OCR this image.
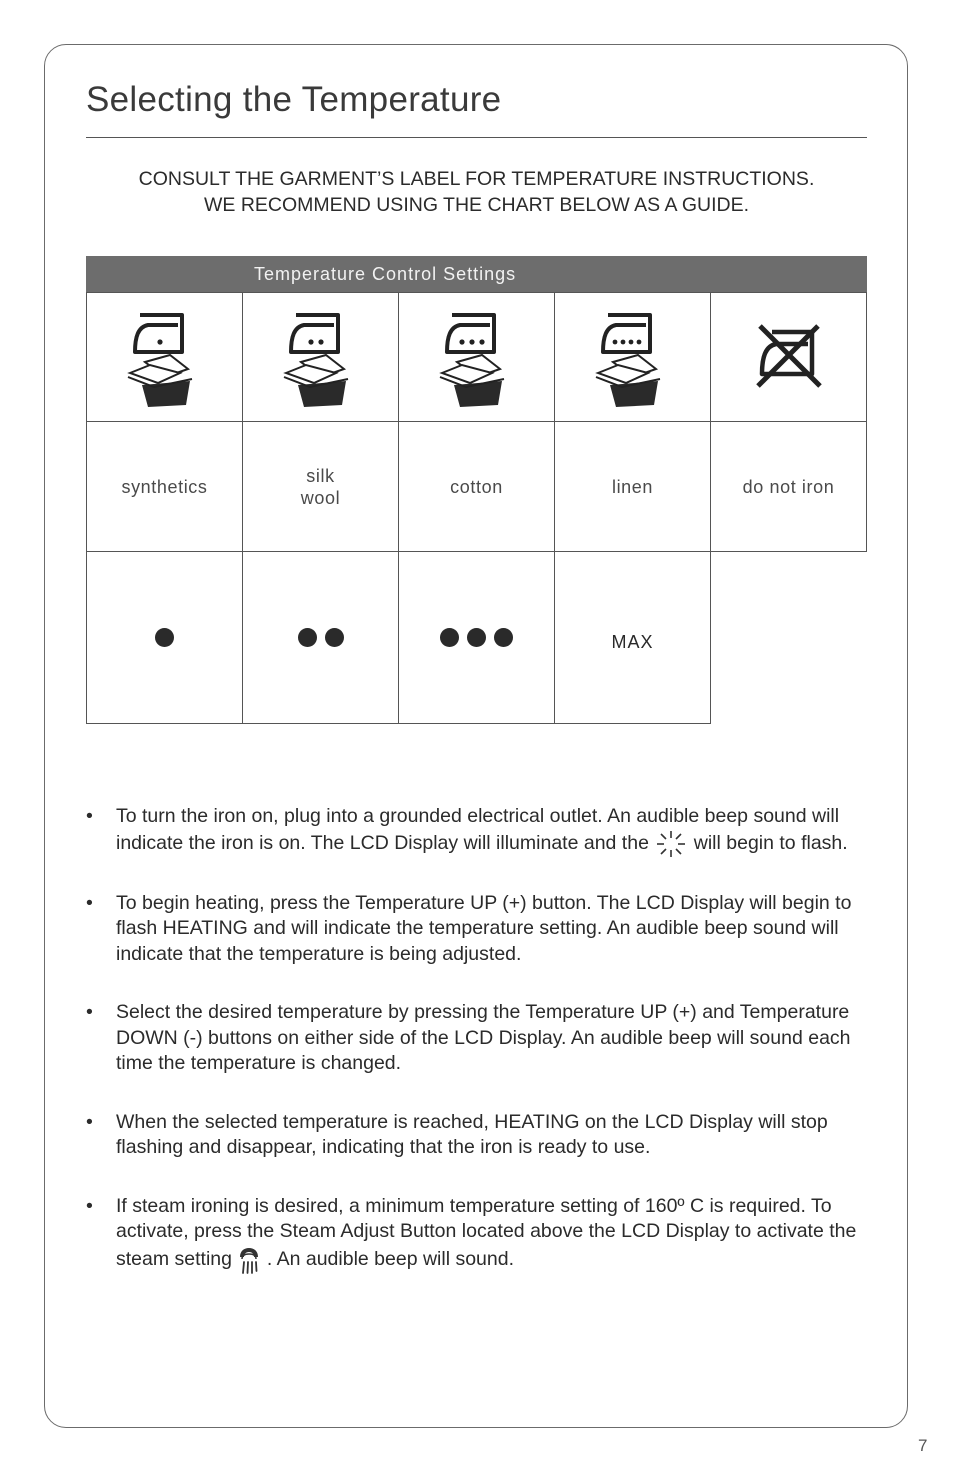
Selecting the Temperature
CONSULT THE GARMENT’S LABEL FOR TEMPERATURE INSTRUCTIONS.
WE RECOMMEND USING THE CHART BELOW AS A GUIDE.
Temperature Control Settings
synthetics
silk
wool
cotton	linen	do not iron
MAX
• To turn the iron on, plug into a grounded electrical outlet. An audible beep sound will indicate the iron is on. The LCD Display will illuminate and the will begin to flash.
• To begin heating, press the Temperature UP (+) button. The LCD Display will begin to flash HEATING and will indicate the temperature setting. An audible beep sound will indicate that the temperature is being adjusted.
• Select the desired temperature by pressing the Temperature UP (+) and Temperature DOWN (-) buttons on either side of the LCD Display. An audible beep will sound each time the temperature is changed.
• When the selected temperature is reached, HEATING on the LCD Display will stop flashing and disappear, indicating that the iron is ready to use.
• If steam ironing is desired, a minimum temperature setting of 160º C is required. To activate, press the Steam Adjust Button located above the LCD Display to activate the steam setting . An audible beep will sound.
7
